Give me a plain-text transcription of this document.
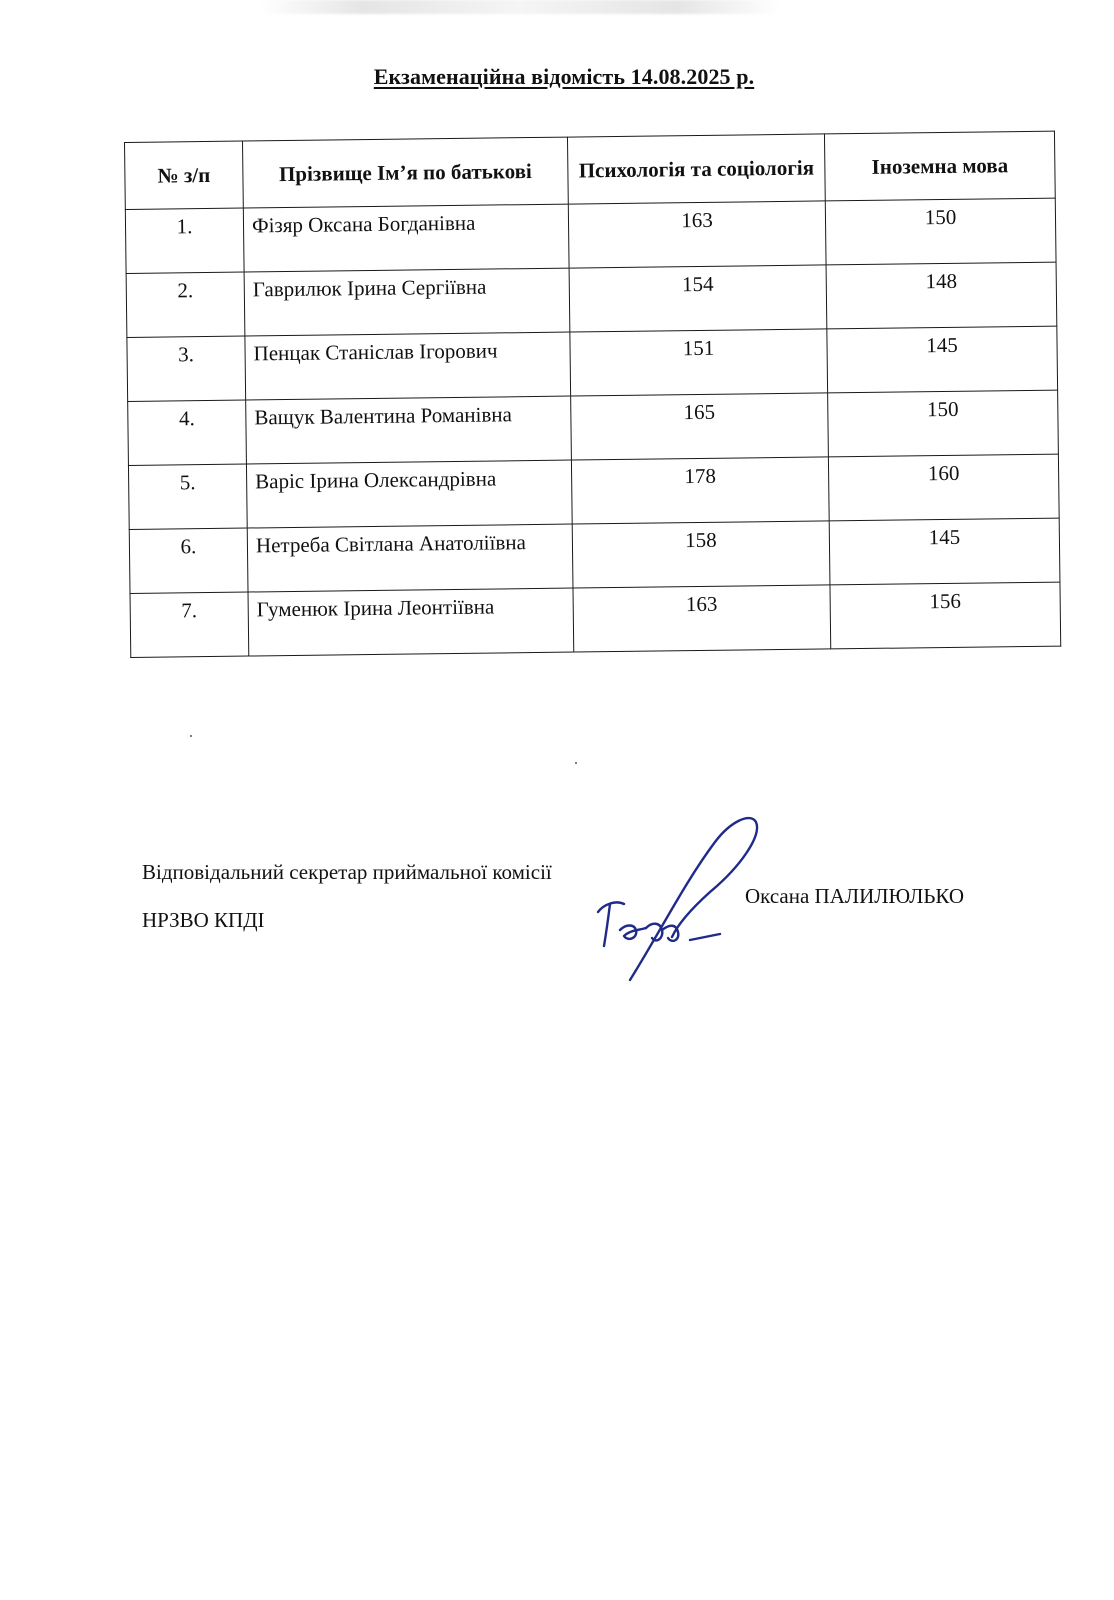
Екзаменаційна відомість 14.08.2025 р.
№ з/п	Прізвище Ім’я по батькові	Психологія та соціологія	Іноземна мова
1.	Фізяр Оксана Богданівна	163	150
2.	Гаврилюк Ірина Сергіївна	154	148
3.	Пенцак Станіслав Ігорович	151	145
4.	Ващук Валентина Романівна	165	150
5.	Варіс Ірина Олександрівна	178	160
6.	Нетреба Світлана Анатоліївна	158	145
7.	Гуменюк Ірина Леонтіївна	163	156
Відповідальний секретар приймальної комісії
НРЗВО КПДІ
Оксана ПАЛИЛЮЛЬКО
